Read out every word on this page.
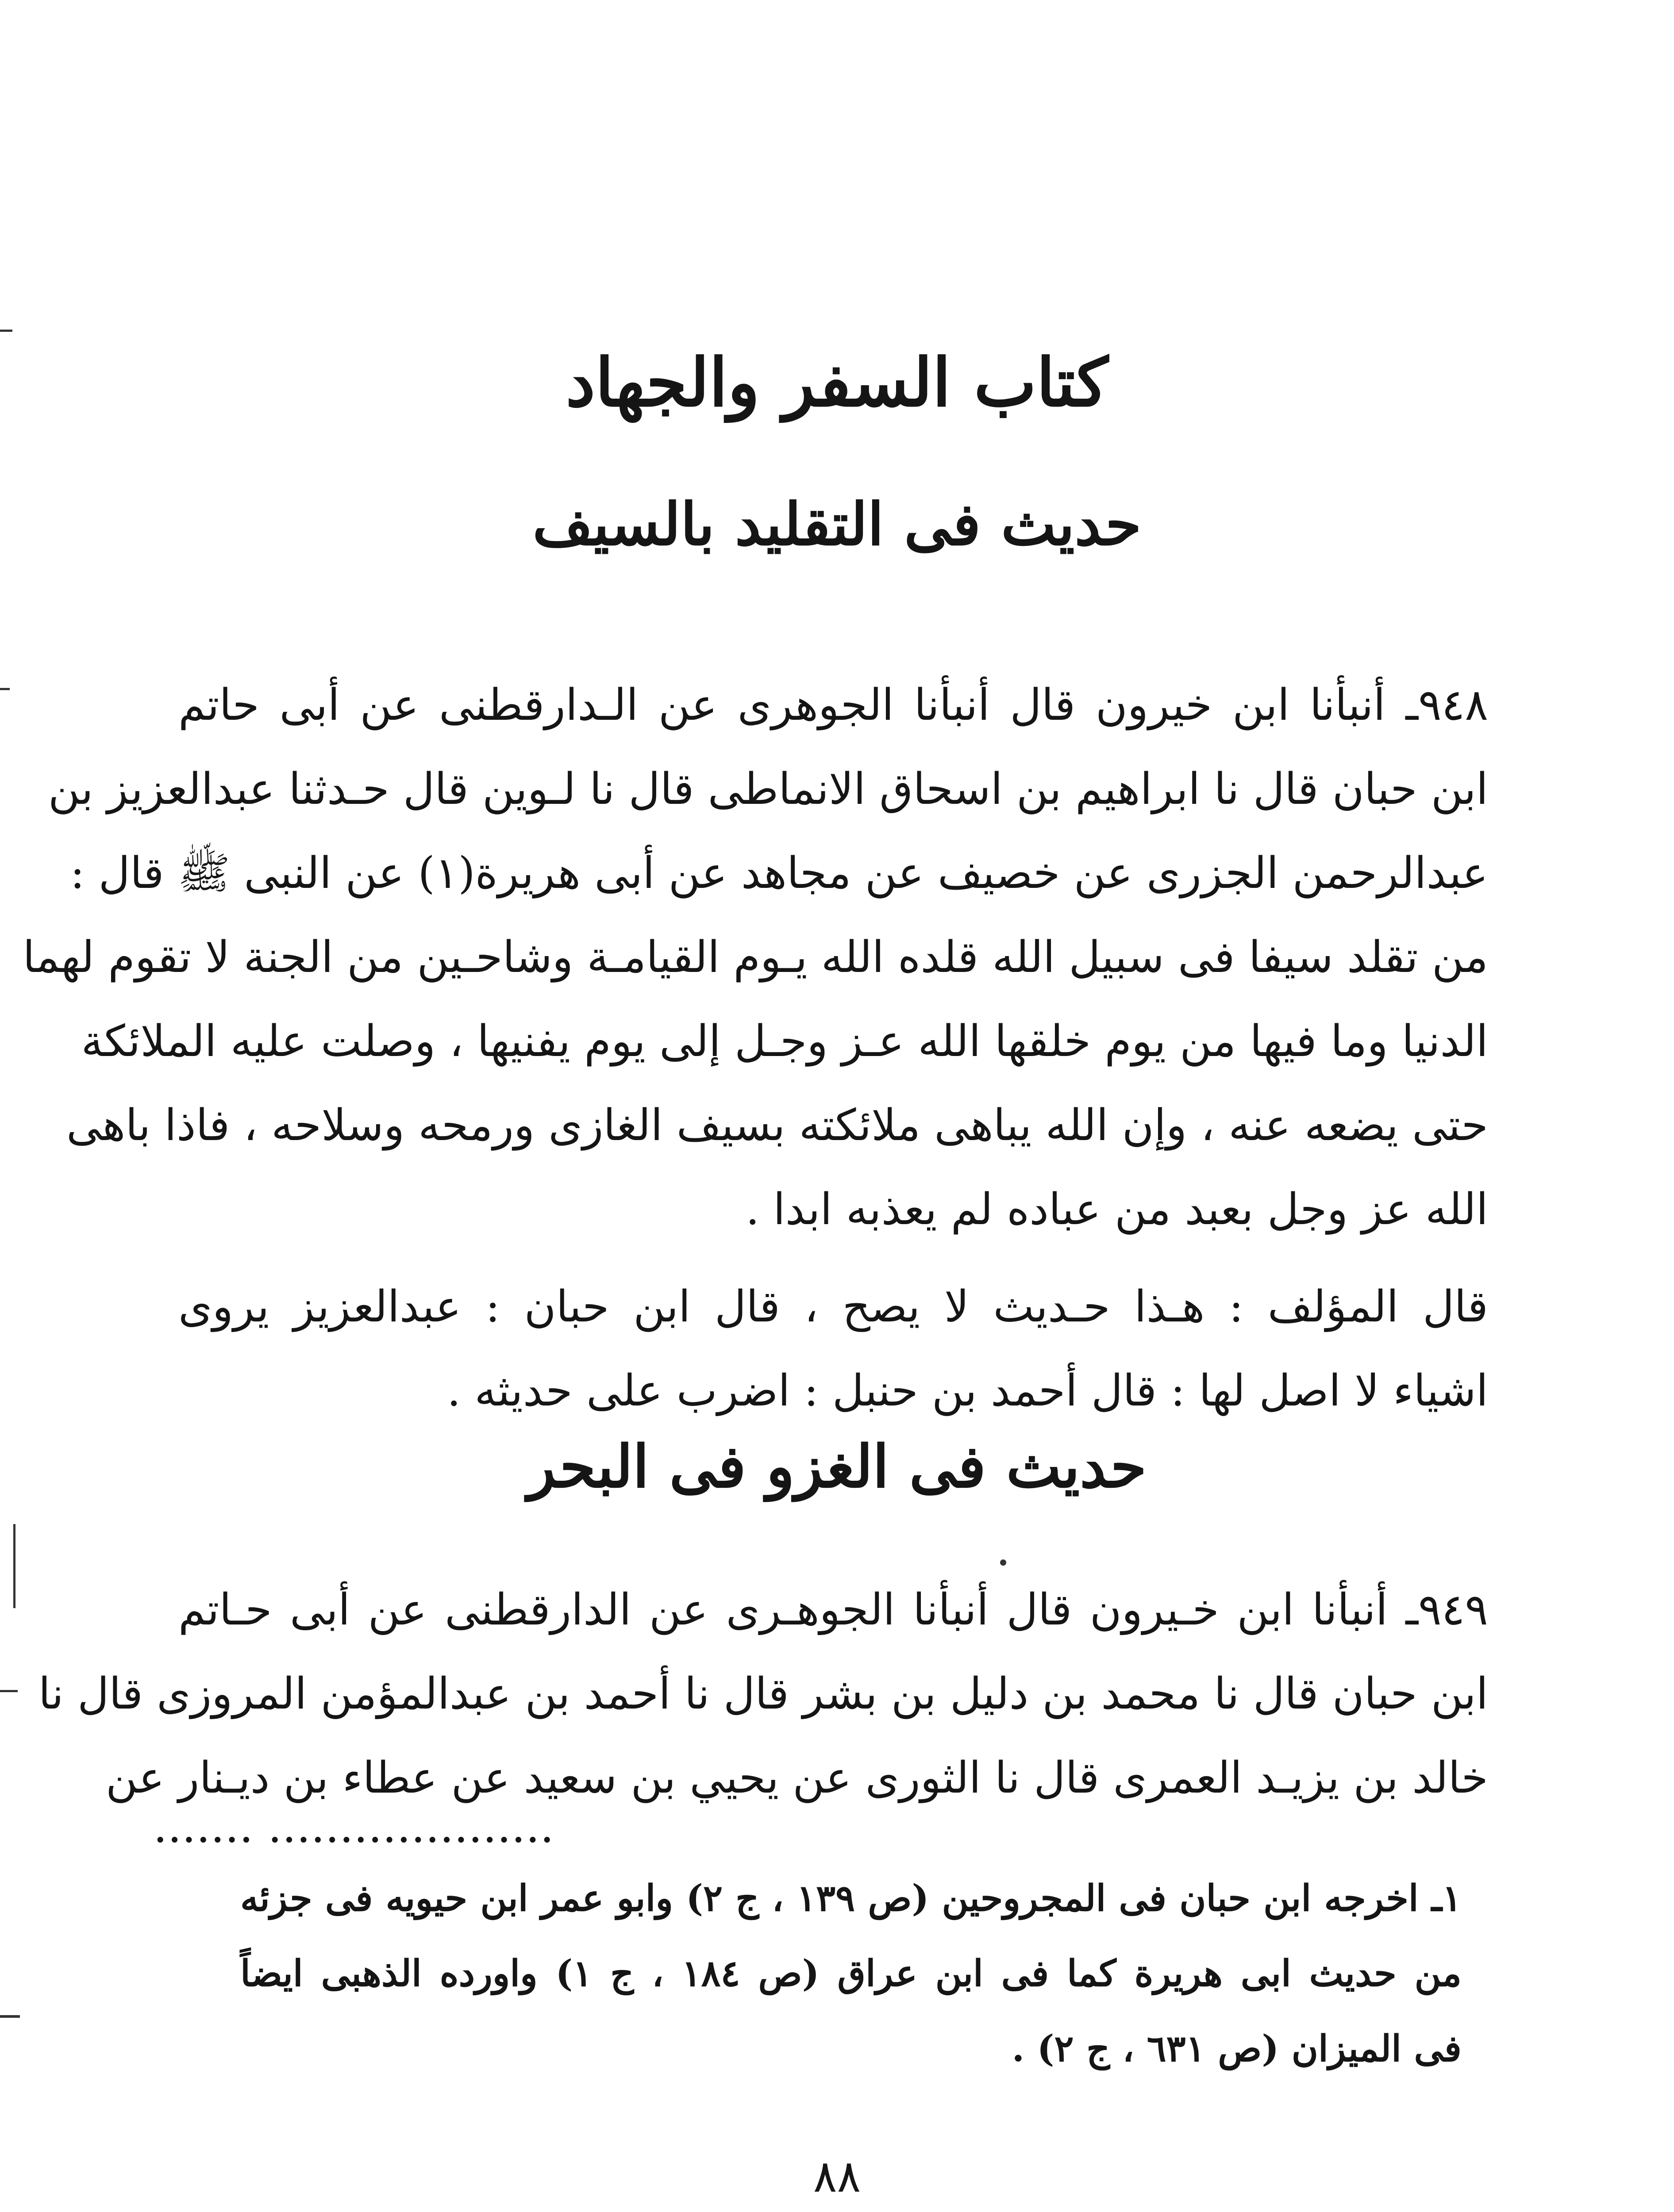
كتاب السفر والجهاد
حديث فى التقليد بالسيف
٩٤٨ـ أنبأنا ابن خيرون قال أنبأنا الجوهرى عن الـدارقطنى عن أبى حاتم
ابن حبان قال نا ابراهيم بن اسحاق الانماطى قال نا لـوين قال حـدثنا عبدالعزيز بن
عبدالرحمن الجزرى عن خصيف عن مجاهد عن أبى هريرة(١) عن النبى ﷺ قال :
من تقلد سيفا فى سبيل الله قلده الله يـوم القيامـة وشاحـين من الجنة لا تقوم لهما
الدنيا وما فيها من يوم خلقها الله عـز وجـل إلى يوم يفنيها ، وصلت عليه الملائكة
حتى يضعه عنه ، وإن الله يباهى ملائكته بسيف الغازى ورمحه وسلاحه ، فاذا باهى
الله عز وجل بعبد من عباده لم يعذبه ابدا .
قال المؤلف : هـذا حـديث لا يصح ، قال ابن حبان : عبدالعزيز يروى
اشياء لا اصل لها : قال أحمد بن حنبل : اضرب على حديثه .
حديث فى الغزو فى البحر
٩٤٩ـ أنبأنا ابن خـيرون قال أنبأنا الجوهـرى عن الدارقطنى عن أبى حـاتم
ابن حبان قال نا محمد بن دليل بن بشر قال نا أحمد بن عبدالمؤمن المروزى قال نا
خالد بن يزيـد العمرى قال نا الثورى عن يحيي بن سعيد عن عطاء بن ديـنار عن
....... ....................
١ـ اخرجه ابن حبان فى المجروحين (ص ١٣٩ ، ج ٢) وابو عمر ابن حيويه فى جزئه
من حديث ابى هريرة كما فى ابن عراق (ص ١٨٤ ، ج ١) واورده الذهبى ايضاً
فى الميزان (ص ٦٣١ ، ج ٢) .
٨٨
